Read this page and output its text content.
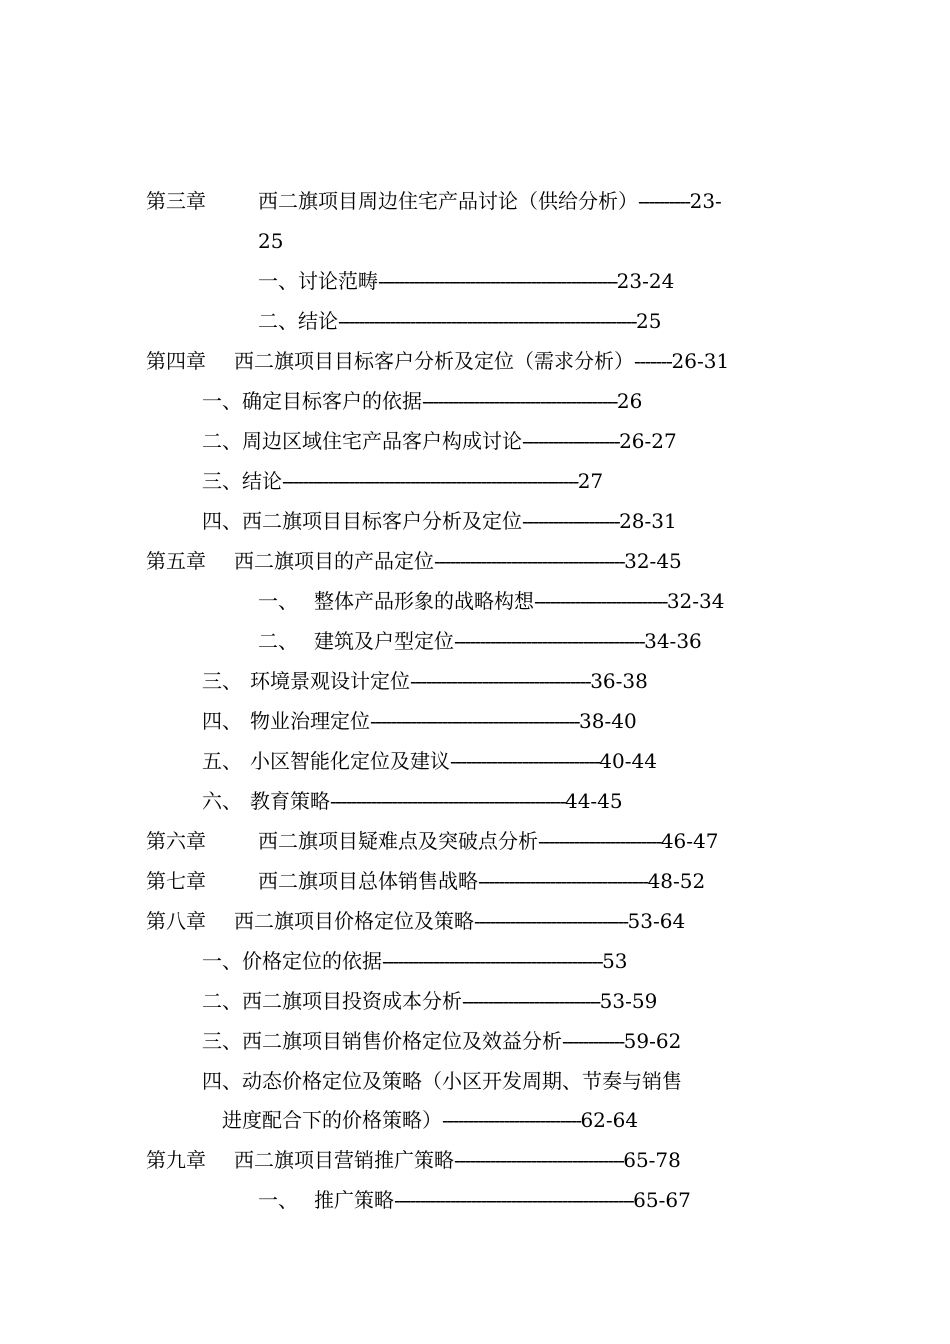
第三章	西二旗项目周边住宅产品讨论（供给分析）----------23-
25
一、讨论范畴-----------------------------------------------23-24
二、结论----------------------------------------------------------25
第四章 西二旗项目目标客户分析及定位（需求分析）-------26-31
一、确定目标客户的依据--------------------------------------26
二、周边区域住宅产品客户构成讨论-------------------26-27
三、结论----------------------------------------------------------27
四、西二旗项目目标客户分析及定位-------------------28-31
第五章 西二旗项目的产品定位-------------------------------------32-45
一、 整体产品形象的战略构想--------------------------32-34
二、 建筑及户型定位-------------------------------------34-36
三、 环境景观设计定位-----------------------------------36-38
四、 物业治理定位-----------------------------------------38-40
五、 小区智能化定位及建议-----------------------------40-44
六、 教育策略----------------------------------------------44-45
第六章	西二旗项目疑难点及突破点分析------------------------46-47
第七章	西二旗项目总体销售战略---------------------------------48-52
第八章 西二旗项目价格定位及策略------------------------------53-64
一、价格定位的依据-------------------------------------------53
二、西二旗项目投资成本分析---------------------------53-59
三、西二旗项目销售价格定位及效益分析------------59-62
四、动态价格定位及策略（小区开发周期、节奏与销售
进度配合下的价格策略）---------------------------62-64
第九章 西二旗项目营销推广策略---------------------------------65-78
一、 推广策略-----------------------------------------------65-67
